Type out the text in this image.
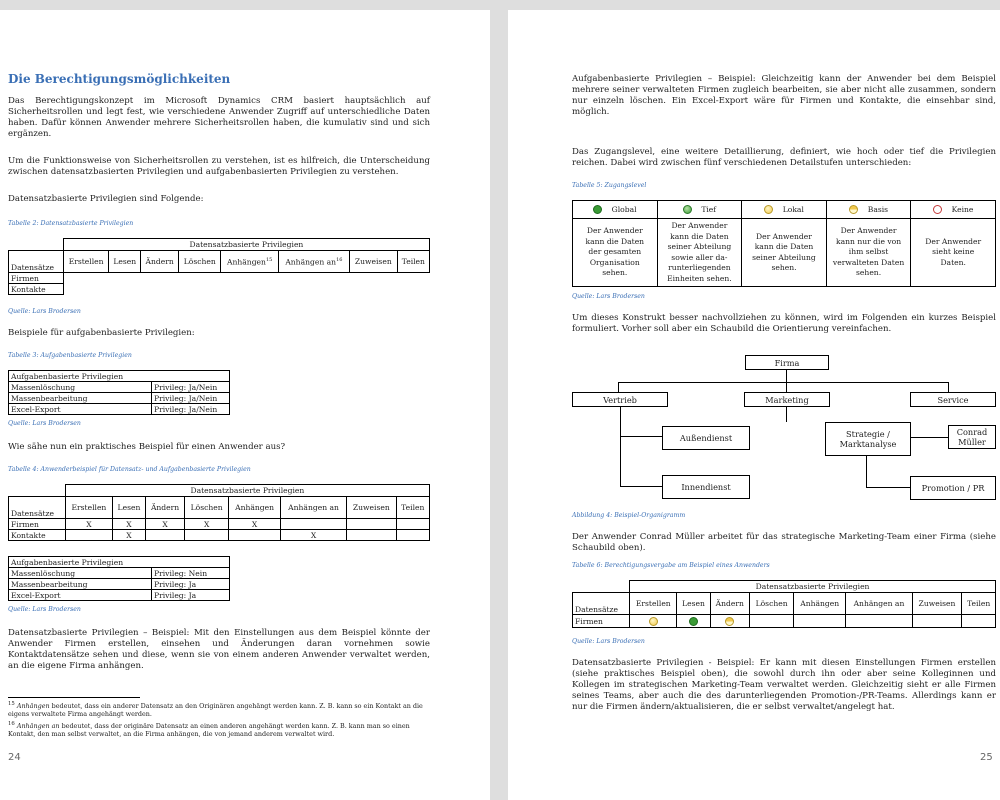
Die Berechtigungsmöglichkeiten
Das Berechtigungskonzept im Microsoft Dynamics CRM basiert hauptsächlich auf Sicherheitsrollen und legt fest, wie verschiedene Anwender Zugriff auf unterschiedliche Daten haben. Dafür können Anwender mehrere Sicherheitsrollen haben, die kumulativ sind und sich ergänzen.
Um die Funktionsweise von Sicherheitsrollen zu verstehen, ist es hilfreich, die Unterscheidung zwischen datensatzbasierten Privilegien und aufgabenbasierten Privilegien zu verstehen.
Datensatzbasierte Privilegien sind Folgende:
Tabelle 2: Datensatzbasierte Privilegien
	Datensatzbasierte Privilegien							
Datensätze	Erstellen	Lesen	Ändern	Löschen	Anhängen$^{15}$	Anhängen $an^{16}$	Zuweisen	Teilen
Firmen								
Kontakte								
Quelle: Lars Brodersen
Beispiele für aufgabenbasierte Privilegien:
Tabelle 3: Aufgabenbasierte Privilegien
Aufgabenbasierte Privilegien	
Massenlöschung	Privileg: Ja/Nein
Massenbearbeitung	Privileg: Ja/Nein
Excel-Export	Privileg: Ja/Nein
Quelle: Lars Brodersen
Wie sähe nun ein praktisches Beispiel für einen Anwender aus?
Tabelle 4: Anwenderbeispiel für Datensatz- und Aufgabenbasierte Privilegien
	Datensatzbasierte Privilegien							
Datensätze	Erstellen	Lesen	Ändern	Löschen	Anhängen	Anhängen an	Zuweisen	Teilen
Firmen	X	X	X	X	X			
Kontakte		X				X		
Aufgabenbasierte Privilegien	
Massenlöschung	Privileg: Nein
Massenbearbeitung	Privileg: Ja
Excel-Export	Privileg: Ja
Quelle: Lars Brodersen
Datensatzbasierte Privilegien – Beispiel: Mit den Einstellungen aus dem Beispiel könnte der Anwender Firmen erstellen, einsehen und Änderungen daran vornehmen sowie Kontaktdatensätze sehen und diese, wenn sie von einem anderen Anwender verwaltet werden, an die eigene Firma anhängen.
$^{15}$ Anhängen bedeutet, dass ein anderer Datensatz an den Originären angehängt werden kann. Z. B. kann so ein Kontakt an die eigens verwaltete Firma angehängt werden.
$^{16}$ Anhängen an bedeutet, dass der originäre Datensatz an einen anderen angehängt werden kann. Z. B. kann man so einen Kontakt, den man selbst verwaltet, an die Firma anhängen, die von jemand anderem verwaltet wird.
24
Aufgabenbasierte Privilegien – Beispiel: Gleichzeitig kann der Anwender bei dem Beispiel mehrere seiner verwalteten Firmen zugleich bearbeiten, sie aber nicht alle zusammen, sondern nur einzeln löschen. Ein Excel-Export wäre für Firmen und Kontakte, die einsehbar sind, möglich.
Das Zugangslevel, eine weitere Detaillierung, definiert, wie hoch oder tief die Privilegien reichen. Dabei wird zwischen fünf verschiedenen Detailstufen unterschieden:
Tabelle 5: Zugangslevel
Global	Tief	Lokal	Basis	Keine
Der Anwender kann die Daten der gesamten Organisation sehen.	Der Anwender kann die Daten seiner Abteilung sowie aller da-runterliegenden Einheiten sehen.	Der Anwender kann die Daten seiner Abteilung sehen.	Der Anwender kann nur die von ihm selbst verwalteten Daten sehen.	Der Anwender sieht keine Daten.
Quelle: Lars Brodersen
Um dieses Konstrukt besser nachvollziehen zu können, wird im Folgenden ein kurzes Beispiel formuliert. Vorher soll aber ein Schaubild die Orientierung vereinfachen.
Firma
Vertrieb	Marketing	Service
Außendienst
Innendienst
Strategie / Marktanalyse
Conrad Müller
Promotion / PR
Abbildung 4: Beispiel-Organigramm
Der Anwender Conrad Müller arbeitet für das strategische Marketing-Team einer Firma (siehe Schaubild oben).
Tabelle 6: Berechtigungsvergabe am Beispiel eines Anwenders
	Datensatzbasierte Privilegien							
Datensätze	Erstellen	Lesen	Ändern	Löschen	Anhängen	Anhängen an	Zuweisen	Teilen
Firmen								
Quelle: Lars Brodersen
Datensatzbasierte Privilegien - Beispiel: Er kann mit diesen Einstellungen Firmen erstellen (siehe praktisches Beispiel oben), die sowohl durch ihn oder aber seine Kolleginnen und Kollegen im strategischen Marketing-Team verwaltet werden. Gleichzeitig sieht er alle Firmen seines Teams, aber auch die des darunterliegenden Promotion-/PR-Teams. Allerdings kann er nur die Firmen ändern/aktualisieren, die er selbst verwaltet/angelegt hat.
25
